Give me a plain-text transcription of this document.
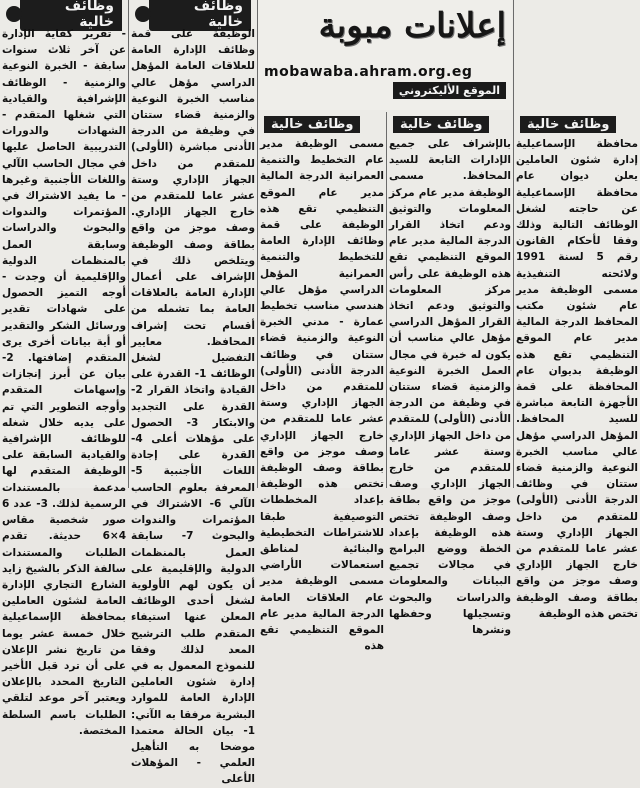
وظائف خالية

- تقرير كفاية الإدارة عن آخر ثلاث سنوات سابقة - الخبرة النوعية والزمنية - الوظائف الإشرافية والقيادية التي شغلها المتقدم - الشهادات والدورات التدريبية الحاصل عليها في مجال الحاسب الآلي واللغات الأجنبية وغيرها - ما يفيد الاشتراك في المؤتمرات والندوات والبحوث والدراسات وسابقة العمل بالمنظمات الدولية والإقليمية أن وجدت - أوجه التميز الحصول على شهادات تقدير ورسائل الشكر والتقدير أو أية بيانات أخرى يرى المتقدم إضافتها. 2- بيان عن أبرز إنجازات وإسهامات المتقدم وأوجه التطوير التي تم على يديه خلال شغله للوظائف الإشرافية والقيادية السابقة على الوظيفة المتقدم لها مدعمة بالمستندات الرسمية لذلك. 3- عدد 6 صور شخصية مقاس 4×6 حديثة. تقدم الطلبات والمستندات سالفة الذكر بالشيخ زايد الشارع التجاري الإدارة العامة لشئون العاملين بمحافظة الإسماعيلية خلال خمسة عشر يوما من تاريخ نشر الإعلان على أن ترد قبل الأخير التاريخ المحدد بالإعلان ويعتبر آخر موعد لتلقي الطلبات باسم السلطة المختصة.

وظائف خالية

الوظيفة على قمة وظائف الإدارة العامة للعلاقات العامة المؤهل الدراسي مؤهل عالي مناسب الخبرة النوعية والزمنية قضاء ستتان في وظيفة من الدرجة الأدنى مباشرة (الأولى) للمتقدم من داخل الجهاز الإداري وستة عشر عاما للمتقدم من خارج الجهاز الإداري. وصف موجز من واقع بطاقة وصف الوظيفة ويتلخص ذلك في الإشراف على أعمال الإدارة العامة بالعلاقات العامة بما تشمله من أقسام تحت إشراف المحافظ. معايير التفضيل لشغل الوظائف 1- القدرة على القيادة واتخاذ القرار 2- القدرة على التجديد والابتكار 3- الحصول على مؤهلات أعلى 4- القدرة على إجادة اللغات الأجنبية 5- المعرفة بعلوم الحاسب الآلي 6- الاشتراك في المؤتمرات والندوات والبحوث 7- سابقة العمل بالمنظمات الدولية والإقليمية على أن يكون لهم الأولوية لشغل أحدى الوظائف المعلن عنها استيفاء المتقدم طلب الترشيح المعد لذلك وفقا للنموذج المعمول به في إدارة شئون العاملين الإدارة العامة للموارد البشرية مرفقا به الآتي: 1- بيان الحالة معتمدا موضحا به التأهيل العلمي - المؤهلات الأعلى

إعلانات مبوبة
الموقع الأليكتروني
mobawaba.ahram.org.eg
وظائف خالية

مسمى الوظيفة مدير عام التخطيط والتنمية العمرانية الدرجة المالية مدير عام الموقع التنظيمي تقع هذه الوظيفة على قمة وظائف الإدارة العامة للتخطيط والتنمية العمرانية المؤهل الدراسي مؤهل عالي هندسي مناسب تخطيط عمارة - مدني الخبرة النوعية والزمنية قضاء ستتان في وظائف الدرجة الأدنى (الأولى) للمتقدم من داخل الجهاز الإداري وستة عشر عاما للمتقدم من خارج الجهاز الإداري وصف موجز من واقع بطاقة وصف الوظيفة تختص هذه الوظيفة بإعداد المخططات التوصيفية طبقا للاشتراطات التخطيطية والبنائية لمناطق استعمالات الأراضي مسمى الوظيفة مدير عام العلاقات العامة الدرجة المالية مدير عام الموقع التنظيمي تقع هذه

وظائف خالية

بالإشراف على جميع الإدارات التابعة للسيد المحافظ. مسمى الوظيفة مدير عام مركز المعلومات والتوثيق ودعم اتخاذ القرار الدرجة المالية مدير عام الموقع التنظيمي تقع هذه الوظيفة على رأس مركز المعلومات والتوثيق ودعم اتخاذ القرار المؤهل الدراسي مؤهل عالي مناسب أن يكون له خبرة في مجال العمل الخبرة النوعية والزمنية قضاء ستتان في وظيفة من الدرجة الأدنى (الأولى) للمتقدم من داخل الجهاز الإداري وستة عشر عاما للمتقدم من خارج الجهاز الإداري وصف موجز من واقع بطاقة وصف الوظيفة تختص هذه الوظيفة بإعداد الخطة ووضع البرامج في مجالات تجميع البيانات والمعلومات والدراسات والبحوث وتسجيلها وحفظها ونشرها

وظائف خالية

محافظة الإسماعيلية إدارة شئون العاملين يعلن ديوان عام محافظة الإسماعيلية عن حاجته لشغل الوظائف التالية وذلك وفقا لأحكام القانون رقم 5 لسنة 1991 ولائحته التنفيذية مسمى الوظيفة مدير عام شئون مكتب المحافظ الدرجة المالية مدير عام الموقع التنظيمي تقع هذه الوظيفة بديوان عام المحافظة على قمة الأجهزة التابعة مباشرة للسيد المحافظ. المؤهل الدراسي مؤهل عالي مناسب الخبرة النوعية والزمنية قضاء ستتان في وظائف الدرجة الأدنى (الأولى) للمتقدم من داخل الجهاز الإداري وستة عشر عاما للمتقدم من خارج الجهاز الإداري وصف موجز من واقع بطاقة وصف الوظيفة تختص هذه الوظيفة
